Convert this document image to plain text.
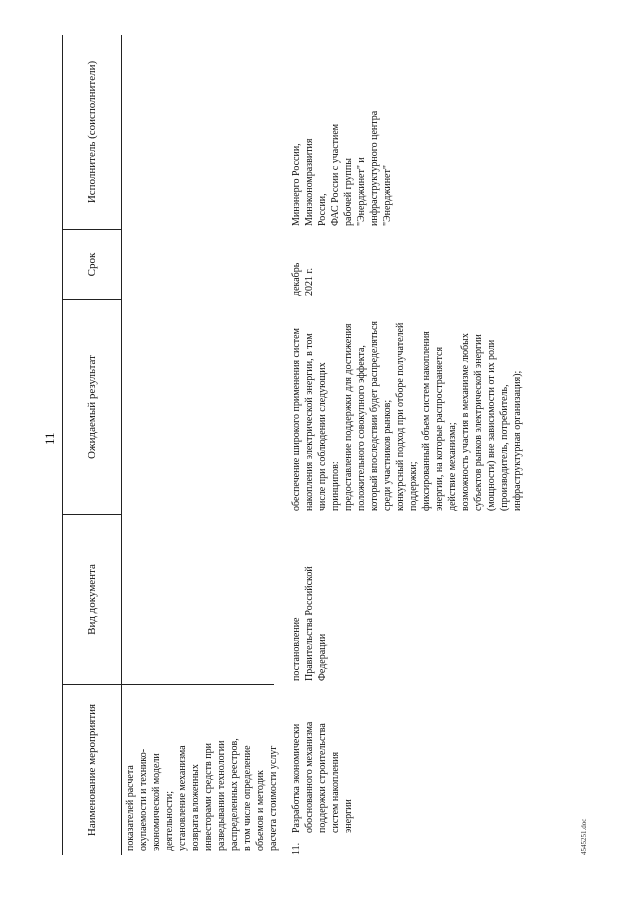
11
Наименование мероприятия
Вид документа
Ожидаемый результат
Срок
Исполнитель (соисполнители)
показателей расчета окупаемости и технико- экономической модели деятельности; установление механизма возврата вложенных инвесторами средств при разведывании технологии распределенных реестров, в том числе определение объемов и методик расчета стоимости услуг 11.
Разработка экономически обоснованного механизма поддержки строительства систем накопления энергии
постановление Правительства Российской Федерации
обеспечение широкого применения систем накопления электрической энергии, в том числе при соблюдении следующих принципов: предоставление поддержки для достижения положительного совокупного эффекта, который впоследствии будет распределяться среди участников рынков; конкурсный подход при отборе получателей поддержки; фиксированный объем систем накопления энергии, на которые распространяется действие механизма; возможность участия в механизме любых субъектов рынков электрической энергии (мощности) вне зависимости от их роли (производитель, потребитель, инфраструктурная организация);
декабрь 2021 г.
Минэнерго России, Минэкономразвития России, ФАС России с участием рабочей группы "Энерджинет" и инфраструктурного центра "Энерджинет"
4545251.doc
